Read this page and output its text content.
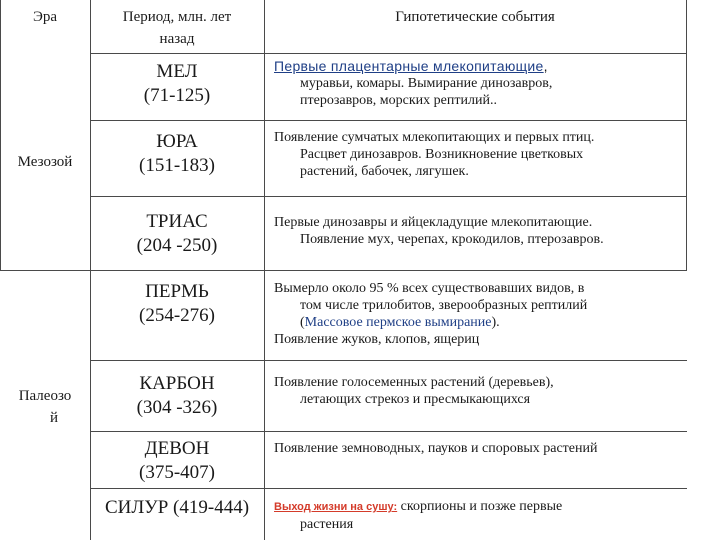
Эра	Период, млн. лет
назад
Гипотетические события
Мезозой
Палеозо
й
МЕЛ
(71-125)
Первые плацентарные млекопитающие,
муравьи, комары. Вымирание динозавров,
птерозавров, морских рептилий..
ЮРА
(151-183)
Появление сумчатых млекопитающих и первых птиц.
Расцвет динозавров. Возникновение цветковых
растений, бабочек, лягушек.
ТРИАС
(204 -250)
Первые динозавры и яйцекладущие млекопитающие.
Появление мух, черепах, крокодилов, птерозавров.
ПЕРМЬ
(254-276)
Вымерло около 95 % всех существовавших видов, в
том числе трилобитов, зверообразных рептилий
(Массовое пермское вымирание).
Появление жуков, клопов, ящериц
КАРБОН
(304 -326)
Появление голосеменных растений (деревьев),
летающих стрекоз и пресмыкающихся
ДЕВОН
(375-407)
Появление земноводных, пауков и споровых растений
СИЛУР (419-444)	Выход жизни на сушу: скорпионы и позже первые
растения
